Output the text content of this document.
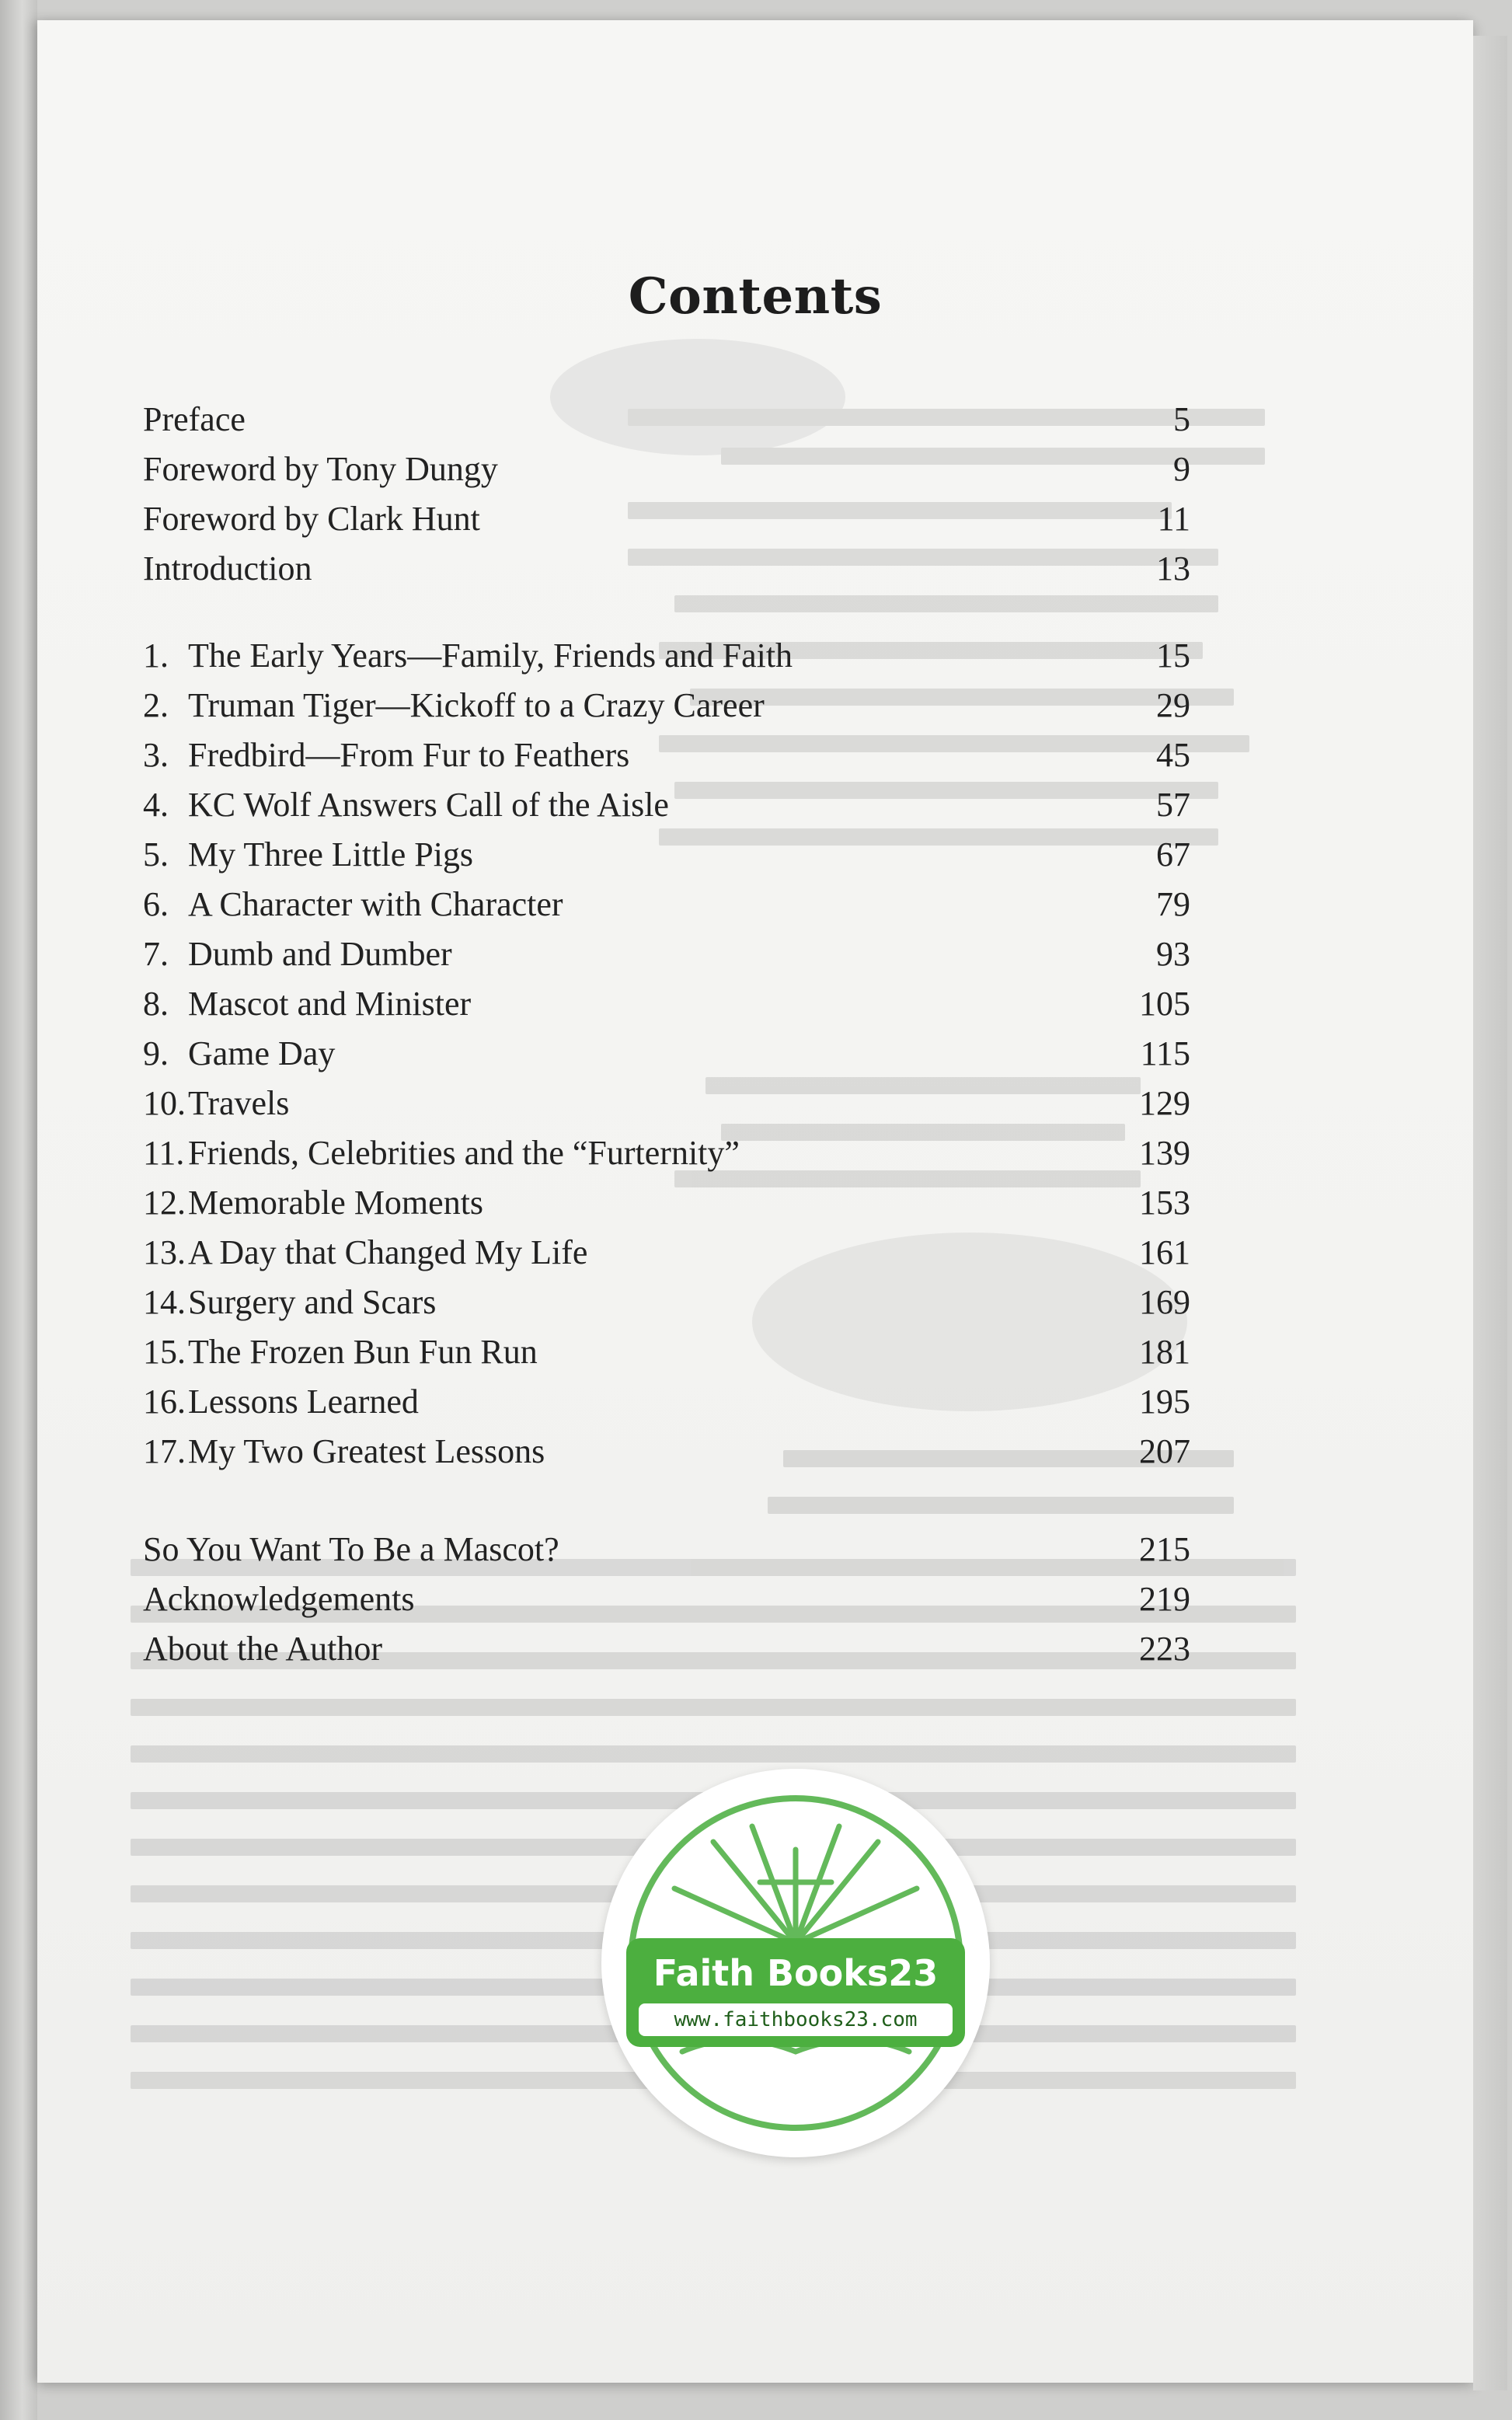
Contents
Preface	5
Foreword by Tony Dungy	9
Foreword by Clark Hunt	11
Introduction	13
1. The Early Years—Family, Friends and Faith	15
2. Truman Tiger—Kickoff to a Crazy Career	29
3. Fredbird—From Fur to Feathers	45
4. KC Wolf Answers Call of the Aisle	57
5. My Three Little Pigs	67
6. A Character with Character	79
7. Dumb and Dumber	93
8. Mascot and Minister	105
9. Game Day	115
10.Travels	129
11. Friends, Celebrities and the “Furternity”	139
12.Memorable Moments	153
13.A Day that Changed My Life	161
14.Surgery and Scars	169
15.The Frozen Bun Fun Run	181
16.Lessons Learned	195
17.My Two Greatest Lessons	207
So You Want To Be a Mascot?	215
Acknowledgements	219
About the Author	223
Faith Books23
www.faithbooks23.com
